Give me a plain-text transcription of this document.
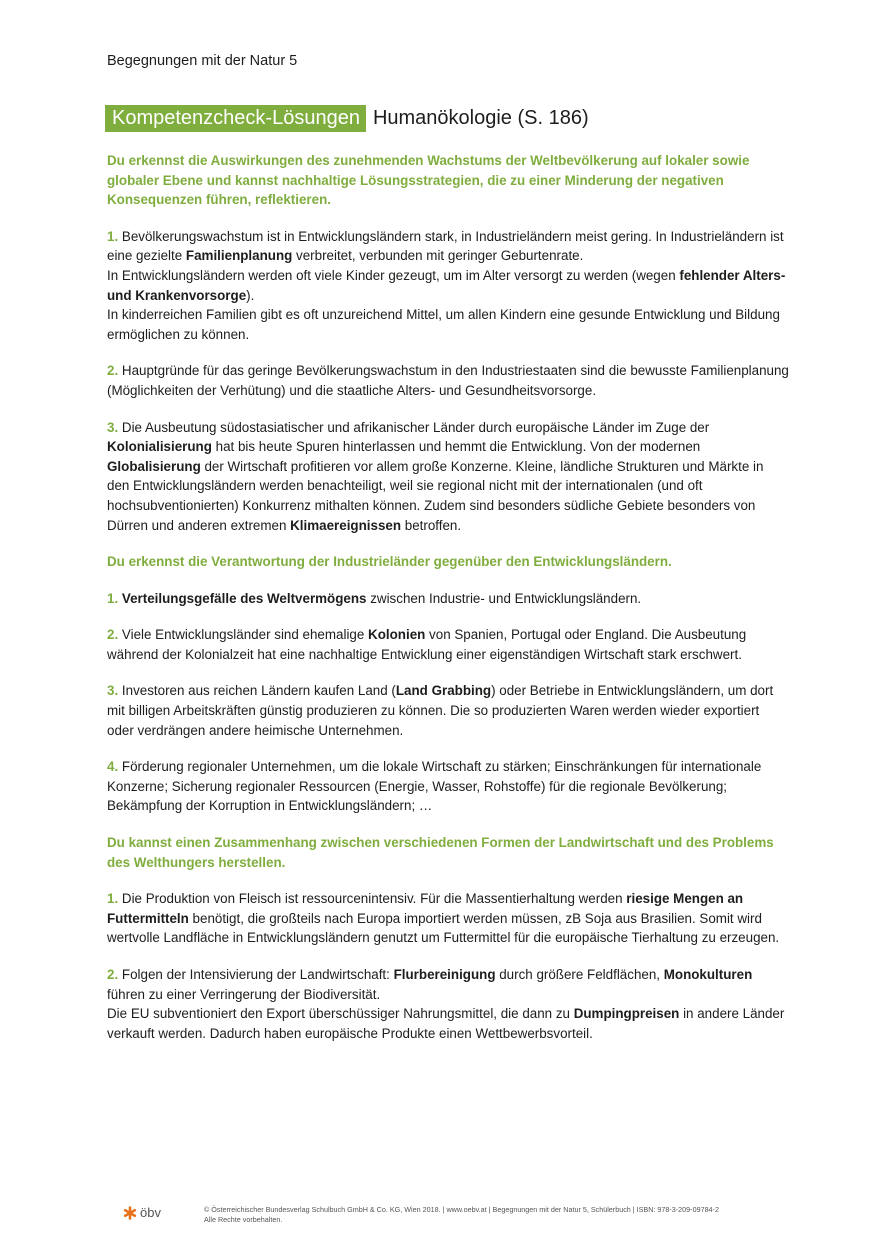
Begegnungen mit der Natur 5
Kompetenzcheck-Lösungen Humanökologie (S. 186)

Du erkennst die Auswirkungen des zunehmenden Wachstums der Weltbevölkerung auf lokaler sowie globaler Ebene und kannst nachhaltige Lösungsstrategien, die zu einer Minderung der negativen Konsequenzen führen, reflektieren.

1. Bevölkerungswachstum ist in Entwicklungsländern stark, in Industrieländern meist gering. In Industrieländern ist eine gezielte Familienplanung verbreitet, verbunden mit geringer Geburtenrate.
In Entwicklungsländern werden oft viele Kinder gezeugt, um im Alter versorgt zu werden (wegen fehlender Alters- und Krankenvorsorge).
In kinderreichen Familien gibt es oft unzureichend Mittel, um allen Kindern eine gesunde Entwicklung und Bildung ermöglichen zu können.

2. Hauptgründe für das geringe Bevölkerungswachstum in den Industriestaaten sind die bewusste Familienplanung (Möglichkeiten der Verhütung) und die staatliche Alters- und Gesundheitsvorsorge.

3. Die Ausbeutung südostasiatischer und afrikanischer Länder durch europäische Länder im Zuge der Kolonialisierung hat bis heute Spuren hinterlassen und hemmt die Entwicklung. Von der modernen Globalisierung der Wirtschaft profitieren vor allem große Konzerne. Kleine, ländliche Strukturen und Märkte in den Entwicklungsländern werden benachteiligt, weil sie regional nicht mit der internationalen (und oft hochsubventionierten) Konkurrenz mithalten können. Zudem sind besonders südliche Gebiete besonders von Dürren und anderen extremen Klimaereignissen betroffen.

Du erkennst die Verantwortung der Industrieländer gegenüber den Entwicklungsländern.

1. Verteilungsgefälle des Weltvermögens zwischen Industrie- und Entwicklungsländern.

2. Viele Entwicklungsländer sind ehemalige Kolonien von Spanien, Portugal oder England. Die Ausbeutung während der Kolonialzeit hat eine nachhaltige Entwicklung einer eigenständigen Wirtschaft stark erschwert.

3. Investoren aus reichen Ländern kaufen Land (Land Grabbing) oder Betriebe in Entwicklungsländern, um dort mit billigen Arbeitskräften günstig produzieren zu können. Die so produzierten Waren werden wieder exportiert oder verdrängen andere heimische Unternehmen.

4. Förderung regionaler Unternehmen, um die lokale Wirtschaft zu stärken; Einschränkungen für internationale Konzerne; Sicherung regionaler Ressourcen (Energie, Wasser, Rohstoffe) für die regionale Bevölkerung; Bekämpfung der Korruption in Entwicklungsländern; …

Du kannst einen Zusammenhang zwischen verschiedenen Formen der Landwirtschaft und des Problems des Welthungers herstellen.

1. Die Produktion von Fleisch ist ressourcenintensiv. Für die Massentierhaltung werden riesige Mengen an Futtermitteln benötigt, die großteils nach Europa importiert werden müssen, zB Soja aus Brasilien. Somit wird wertvolle Landfläche in Entwicklungsländern genutzt um Futtermittel für die europäische Tierhaltung zu erzeugen.

2. Folgen der Intensivierung der Landwirtschaft: Flurbereinigung durch größere Feldflächen, Monokulturen führen zu einer Verringerung der Biodiversität.
Die EU subventioniert den Export überschüssiger Nahrungsmittel, die dann zu Dumpingpreisen in andere Länder verkauft werden. Dadurch haben europäische Produkte einen Wettbewerbsvorteil.

öbv	© Österreichischer Bundesverlag Schulbuch GmbH & Co. KG, Wien 2018. | www.oebv.at | Begegnungen mit der Natur 5, Schülerbuch | ISBN: 978-3-209-09784-2
Alle Rechte vorbehalten.
